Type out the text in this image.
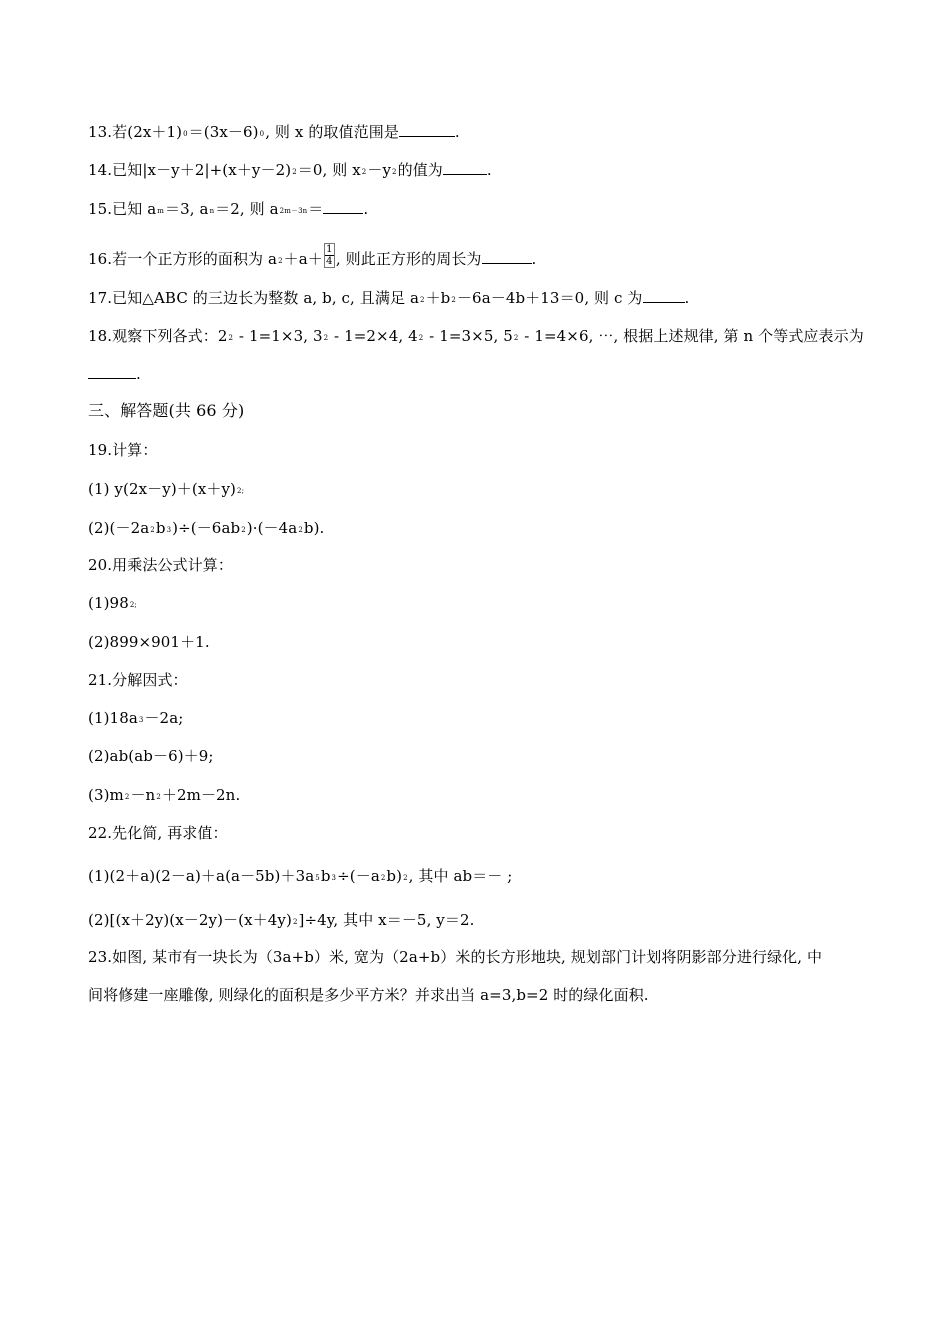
13.若$(2x+1)^0=(3x-6)^0$, 则 x 的取值范围是	.
14.已知$|x-y+2|+(x+y-2)^2=0$, 则 $x^2-y^2$的值为	.
15.已知 $a^m=3$, $a^n=2$, 则 $a^{2m-3n}=$	.
16.若一个正方形的面积为 $a^2+a+ \frac{1}{4}$ , 则此正方形的周长为	.
17.已知△ABC 的三边长为整数 a, b, c, 且满足 $a^2+b^2-6a-4b+13=0$, 则 c 为	.
18.观察下列各式：$2^2 - 1=1\times 3$, $3^2 - 1=2\times 4$, $4^2 - 1=3\times 5$, $5^2 - 1=4\times 6$, ⋯, 根据上述规律, 第 n 个等式应表示为
.
三、解答题(共 66 分)
19.计算：
(1) $y(2x-y)+(x+y)^{2;}$
$(2)(-2a^2b^3)\div(-6ab^2)\cdot(-4a^2b)$.
20.用乘法公式计算：
$(1)98^{2;}$
(2)899×901＋1.
21.分解因式：
$(1)18a^3-2a$;
(2)ab(ab－6)＋9;
$(3)m^2-n^2+2m-2n$.
22.先化简, 再求值：
$(1)(2+a)(2-a)+a(a-5b)+3a^5b^3\div(-a^2b)^2$, 其中 ab＝－ ;
$(2)[(x+2y)(x-2y)-(x+4y)^2]\div 4y$, 其中 x＝－5, y＝2.
23.如图, 某市有一块长为（3a+b）米, 宽为（2a+b）米的长方形地块, 规划部门计划将阴影部分进行绿化, 中
间将修建一座雕像, 则绿化的面积是多少平方米？并求出当 a=3,b=2 时的绿化面积.
